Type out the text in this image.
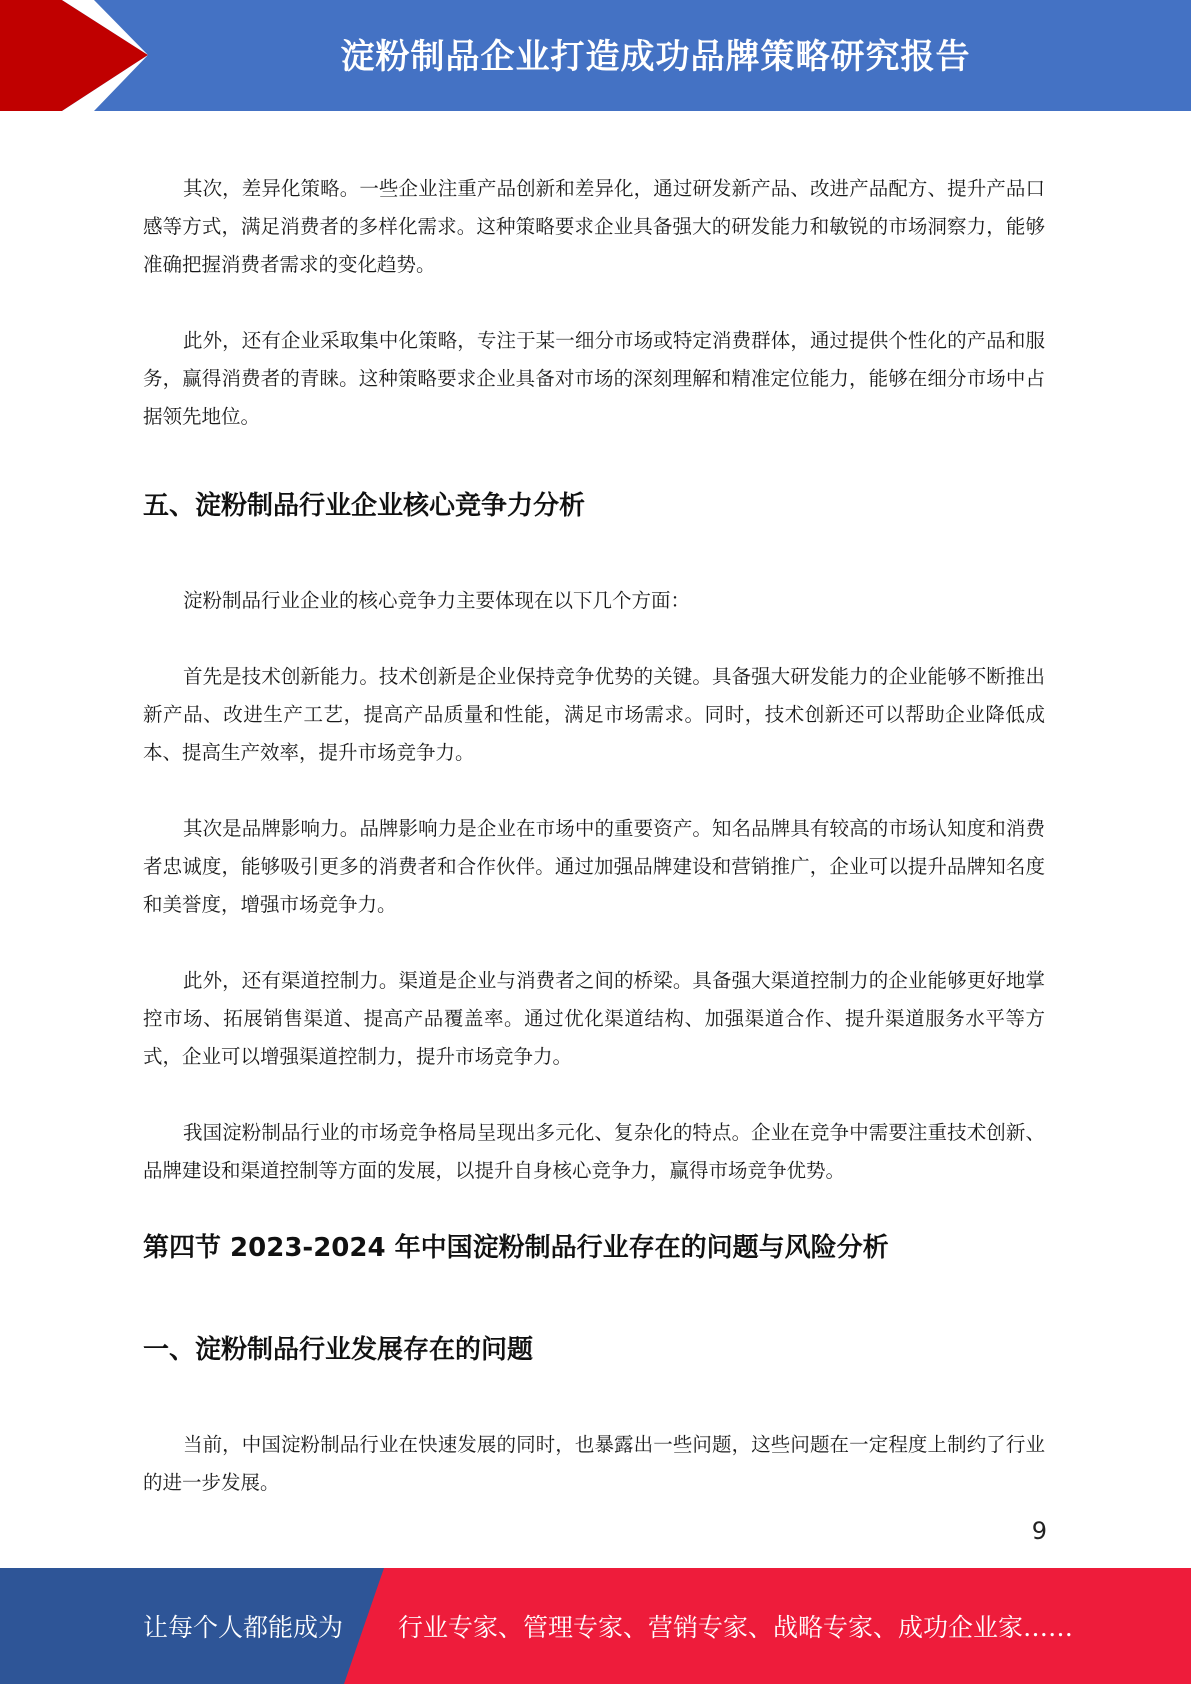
淀粉制品企业打造成功品牌策略研究报告

其次，差异化策略。一些企业注重产品创新和差异化，通过研发新产品、改进产品配方、提升产品口感等方式，满足消费者的多样化需求。这种策略要求企业具备强大的研发能力和敏锐的市场洞察力，能够准确把握消费者需求的变化趋势。

此外，还有企业采取集中化策略，专注于某一细分市场或特定消费群体，通过提供个性化的产品和服务，赢得消费者的青睐。这种策略要求企业具备对市场的深刻理解和精准定位能力，能够在细分市场中占据领先地位。

五、淀粉制品行业企业核心竞争力分析

淀粉制品行业企业的核心竞争力主要体现在以下几个方面：

首先是技术创新能力。技术创新是企业保持竞争优势的关键。具备强大研发能力的企业能够不断推出新产品、改进生产工艺，提高产品质量和性能，满足市场需求。同时，技术创新还可以帮助企业降低成本、提高生产效率，提升市场竞争力。

其次是品牌影响力。品牌影响力是企业在市场中的重要资产。知名品牌具有较高的市场认知度和消费者忠诚度，能够吸引更多的消费者和合作伙伴。通过加强品牌建设和营销推广，企业可以提升品牌知名度和美誉度，增强市场竞争力。

此外，还有渠道控制力。渠道是企业与消费者之间的桥梁。具备强大渠道控制力的企业能够更好地掌控市场、拓展销售渠道、提高产品覆盖率。通过优化渠道结构、加强渠道合作、提升渠道服务水平等方式，企业可以增强渠道控制力，提升市场竞争力。

我国淀粉制品行业的市场竞争格局呈现出多元化、复杂化的特点。企业在竞争中需要注重技术创新、品牌建设和渠道控制等方面的发展，以提升自身核心竞争力，赢得市场竞争优势。

第四节 2023-2024 年中国淀粉制品行业存在的问题与风险分析
一、淀粉制品行业发展存在的问题

当前，中国淀粉制品行业在快速发展的同时，也暴露出一些问题，这些问题在一定程度上制约了行业的进一步发展。

9
让每个人都能成为 行业专家、管理专家、营销专家、战略专家、成功企业家……
